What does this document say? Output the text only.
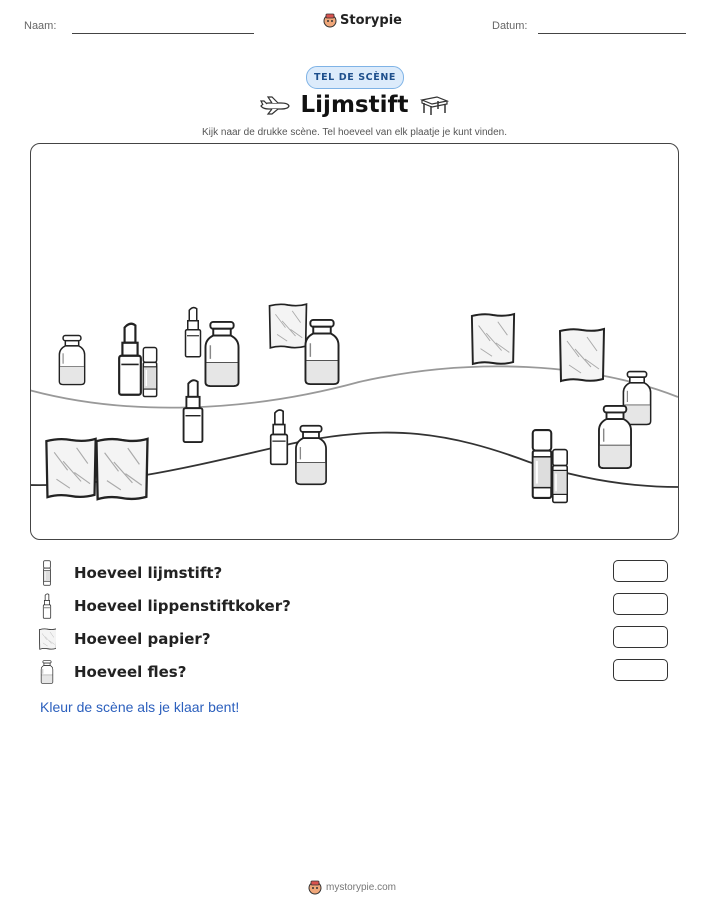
Naam:	Storypie	Datum:
TEL DE SCÈNE
Lijmstift
Kijk naar de drukke scène. Tel hoeveel van elk plaatje je kunt vinden.
Hoeveel lijmstift?
Hoeveel lippenstiftkoker?
Hoeveel papier?
Hoeveel fles?
Kleur de scène als je klaar bent!
mystorypie.com
